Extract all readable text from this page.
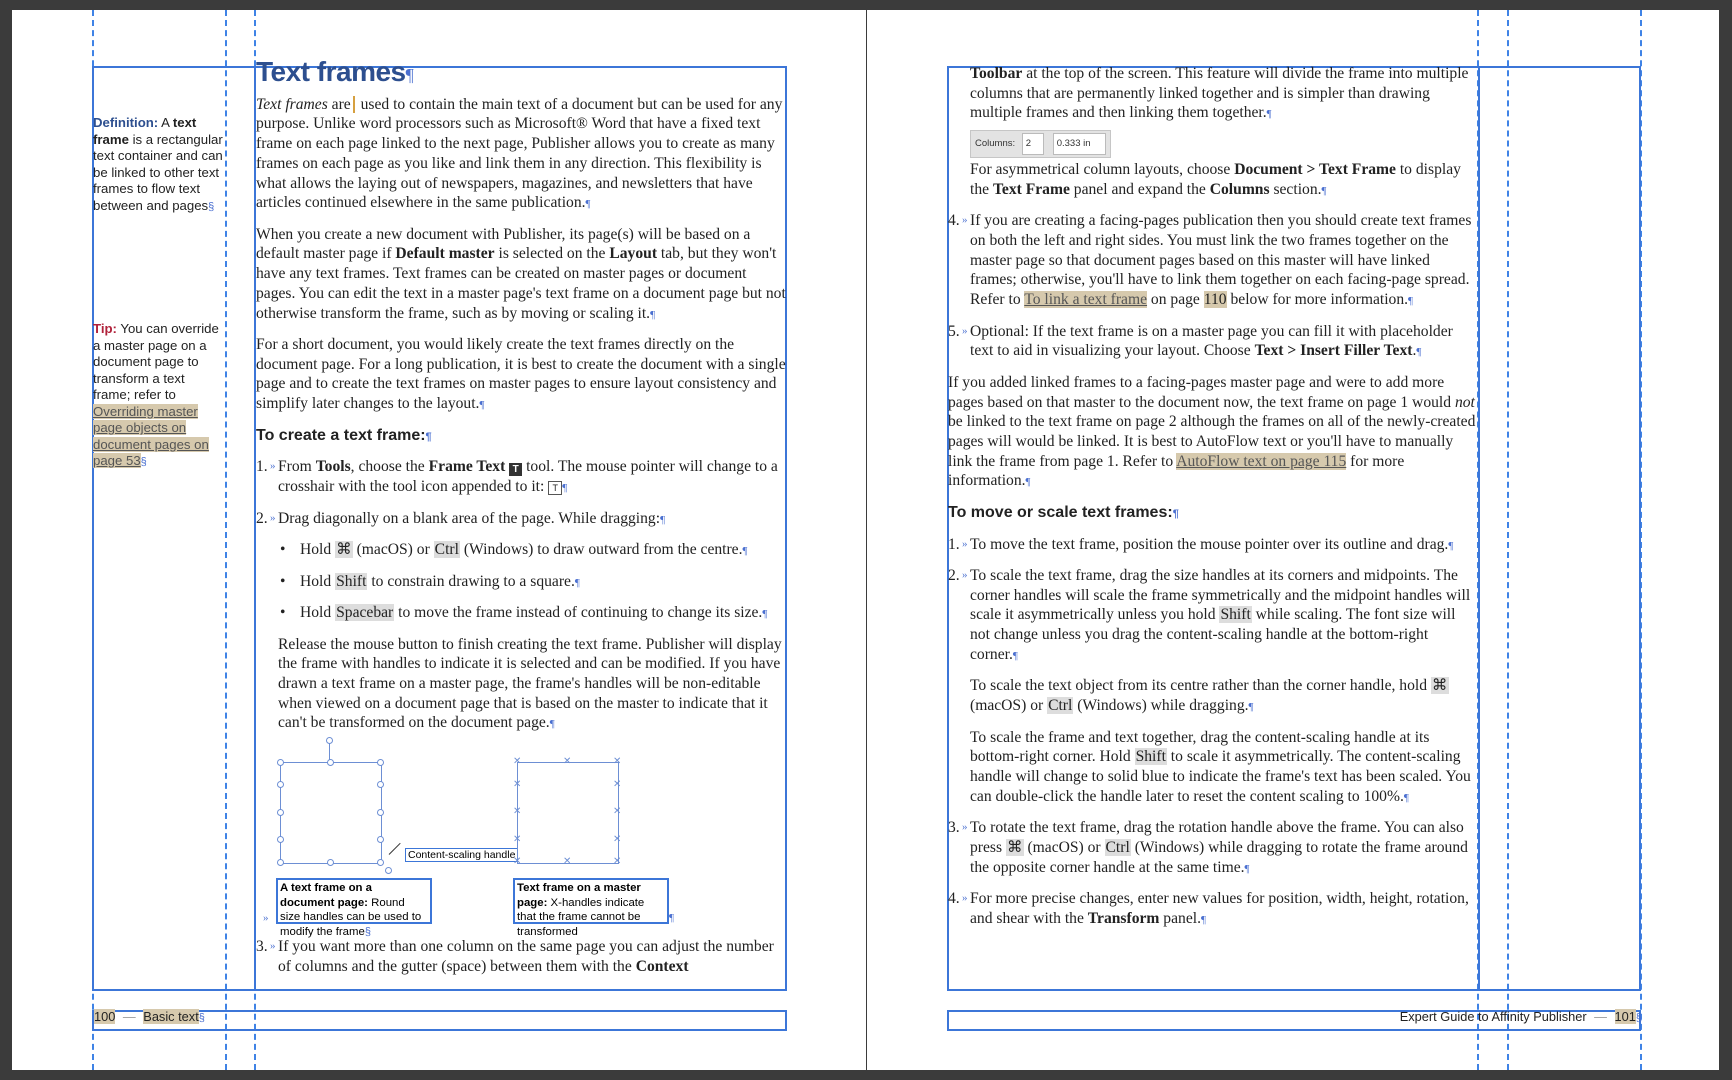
Definition: A text frame is a rectangular text container and can be linked to other text frames to flow text between and pages§
Tip: You can override a master page on a document page to transform a text frame; refer to Overriding master page objects on document pages on page 53§
Text frames¶

Text frames are used to contain the main text of a document but can be used for any purpose. Unlike word processors such as Microsoft® Word that have a fixed text frame on each page linked to the next page, Publisher allows you to create as many frames on each page as you like and link them in any direction. This flexibility is what allows the laying out of newspapers, magazines, and newsletters that have articles continued elsewhere in the same publication.¶

When you create a new document with Publisher, its page(s) will be based on a default master page if Default master is selected on the Layout tab, but they won't have any text frames. Text frames can be created on master pages or document pages. You can edit the text in a master page's text frame on a document page but not otherwise transform the frame, such as by moving or scaling it.¶

For a short document, you would likely create the text frames directly on the document page. For a long publication, it is best to create the document with a single page and to create the text frames on master pages to ensure layout consistency and simplify later changes to the layout.¶

To create a text frame:¶
1. » From Tools, choose the Frame Text T tool. The mouse pointer will change to a crosshair with the tool icon appended to it: T ¶
2. » Drag diagonally on a blank area of the page. While dragging:¶
• Hold ⌘ (macOS) or Ctrl (Windows) to draw outward from the centre.¶
• Hold Shift to constrain drawing to a square.¶
• Hold Spacebar to move the frame instead of continuing to change its size.¶

Release the mouse button to finish creating the text frame. Publisher will display the frame with handles to indicate it is selected and can be modified. If you have drawn a text frame on a master page, the frame's handles will be non-editable when viewed on a document page that is based on the master to indicate that it can't be transformed on the document page.¶

Content-scaling handle
✕	✕	✕
✕	✕
✕	✕
✕	✕
✕	✕	✕
A text frame on a document page: Round size handles can be used to modify the frame§
»
Text frame on a master page: X-handles indicate that the frame cannot be transformed
¶
3. » If you want more than one column on the same page you can adjust the number of columns and the gutter (space) between them with the Context
100 — Basic text§

Toolbar at the top of the screen. This feature will divide the frame into multiple columns that are permanently linked together and is simpler than drawing multiple frames and then linking them together.¶

Columns: 2	0.333 in

For asymmetrical column layouts, choose Document > Text Frame to display the Text Frame panel and expand the Columns section.¶

4. » If you are creating a facing-pages publication then you should create text frames on both the left and right sides. You must link the two frames together on the master page so that document pages based on this master will have linked frames; otherwise, you'll have to link them together on each facing-page spread. Refer to To link a text frame on page 110 below for more information.¶
5. » Optional: If the text frame is on a master page you can fill it with placeholder text to aid in visualizing your layout. Choose Text > Insert Filler Text.¶

If you added linked frames to a facing-pages master page and were to add more pages based on that master to the document now, the text frame on page 1 would not be linked to the text frame on page 2 although the frames on all of the newly-created pages will would be linked. It is best to AutoFlow text or you'll have to manually link the frame from page 1. Refer to AutoFlow text on page 115 for more information.¶

To move or scale text frames:¶
1. » To move the text frame, position the mouse pointer over its outline and drag.¶
2. » To scale the text frame, drag the size handles at its corners and midpoints. The corner handles will scale the frame symmetrically and the midpoint handles will scale it asymmetrically unless you hold Shift while scaling. The font size will not change unless you drag the content-scaling handle at the bottom-right corner.¶

To scale the text object from its centre rather than the corner handle, hold ⌘ (macOS) or Ctrl (Windows) while dragging.¶

To scale the frame and text together, drag the content-scaling handle at its bottom-right corner. Hold Shift to scale it asymmetrically. The content-scaling handle will change to solid blue to indicate the frame's text has been scaled. You can double-click the handle later to reset the content scaling to 100%.¶

3. » To rotate the text frame, drag the rotation handle above the frame. You can also press ⌘ (macOS) or Ctrl (Windows) while dragging to rotate the frame around the opposite corner handle at the same time.¶
4. » For more precise changes, enter new values for position, width, height, rotation, and shear with the Transform panel.¶
Expert Guide to Affinity Publisher — 101§
